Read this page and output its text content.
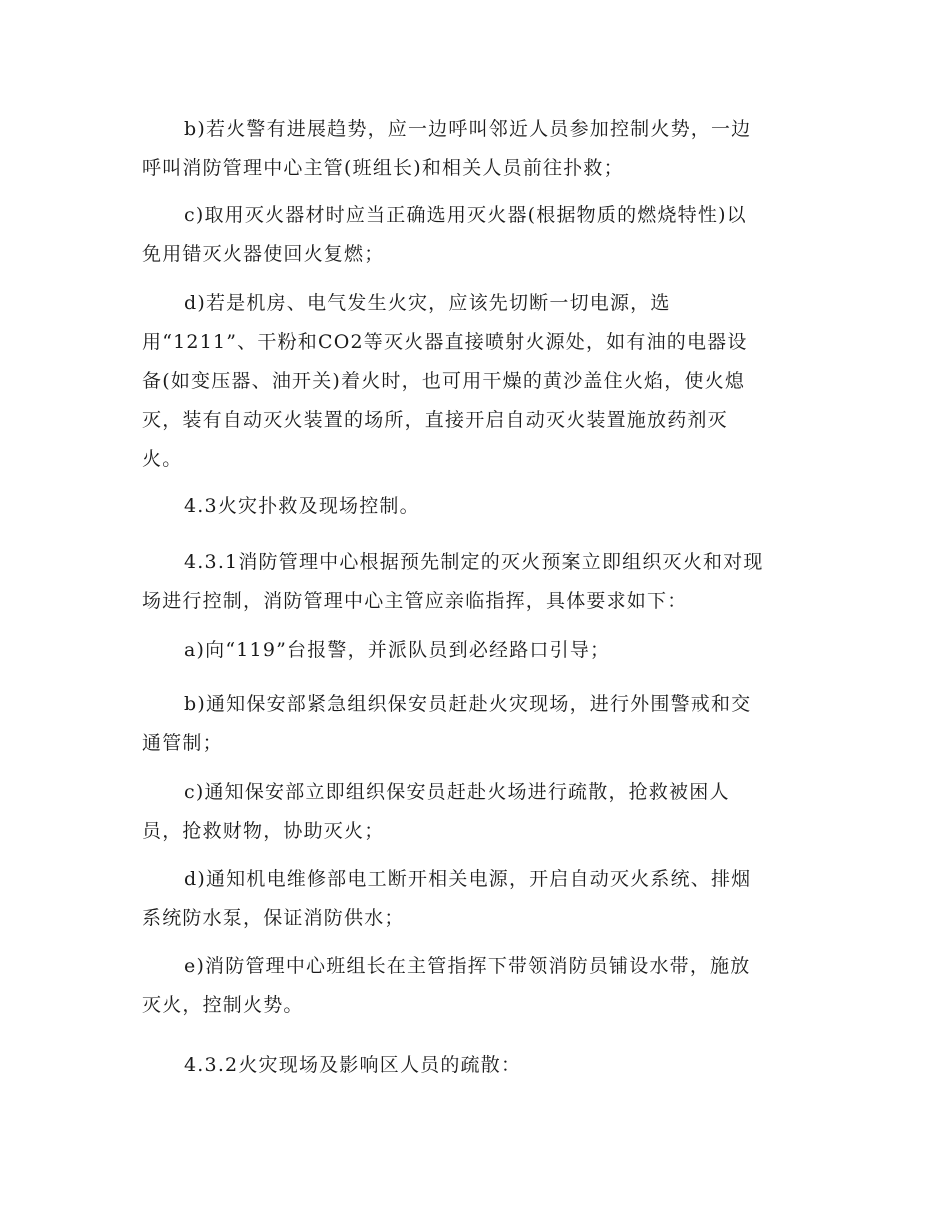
b)若火警有进展趋势，应一边呼叫邻近人员参加控制火势，一边
呼叫消防管理中心主管(班组长)和相关人员前往扑救；
c)取用灭火器材时应当正确选用灭火器(根据物质的燃烧特性)以
免用错灭火器使回火复燃；
d)若是机房、电气发生火灾，应该先切断一切电源，选
用“1211”、干粉和CO2等灭火器直接喷射火源处，如有油的电器设
备(如变压器、油开关)着火时，也可用干燥的黄沙盖住火焰，使火熄
灭，装有自动灭火装置的场所，直接开启自动灭火装置施放药剂灭
火。
4.3火灾扑救及现场控制。
4.3.1消防管理中心根据预先制定的灭火预案立即组织灭火和对现
场进行控制，消防管理中心主管应亲临指挥，具体要求如下：
a)向“119”台报警，并派队员到必经路口引导；
b)通知保安部紧急组织保安员赶赴火灾现场，进行外围警戒和交
通管制；
c)通知保安部立即组织保安员赶赴火场进行疏散，抢救被困人
员，抢救财物，协助灭火；
d)通知机电维修部电工断开相关电源，开启自动灭火系统、排烟
系统防水泵，保证消防供水；
e)消防管理中心班组长在主管指挥下带领消防员铺设水带，施放
灭火，控制火势。
4.3.2火灾现场及影响区人员的疏散：
